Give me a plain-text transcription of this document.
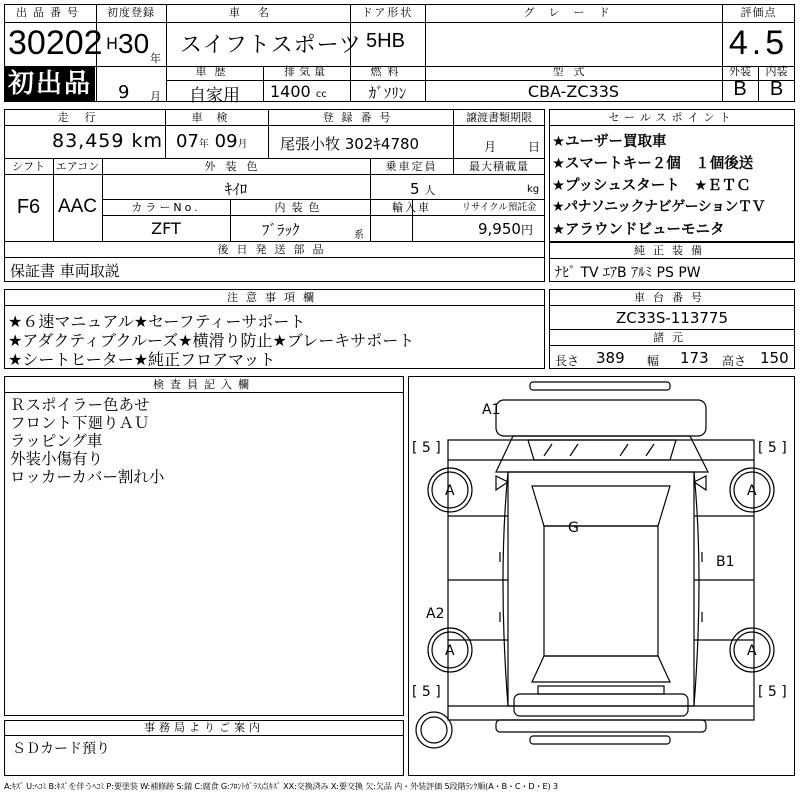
出品番号
30202
初出品
初度登録
H 30 年
9 月
車名
スイフトスポーツ
ドア形状
5HB
グレード	評価点
4.5
車歴
自家用
排気量
1400 cc
燃料
ｶﾞｿﾘﾝ
型式
CBA-ZC33S
外装	内装
B	B
走行
83,459 km
車検
07年 09月
登録番号
尾張小牧 302ｷ4780
譲渡書類期限
月	日
シフト
F6
エアコン
AAC
外装色
ｷｲﾛ
乗車定員
5 人
最大積載量
kg
カラーNo.
ZFT
内装色
ﾌﾞﾗｯｸ	系
輸入車	リサイクル預託金
9,950円
後日発送部品
保証書 車両取説
セールスポイント
★ユーザー買取車
★スマートキー２個　１個後送
★プッシュスタート　★ＥＴＣ
★パナソニックナビゲーションＴＶ
★アラウンドビューモニタ
純正装備
ﾅﾋﾞ TV ｴｱB ｱﾙﾐ PS PW
注意事項欄
★６速マニュアル★セーフティーサポート
★アダクティブクルーズ★横滑り防止★ブレーキサポート
★シートヒーター★純正フロアマット
車台番号
ZC33S-113775
諸元
長さ 389 幅 173 高さ 150
検査員記入欄
Ｒスポイラー色あせ
フロント下廻りＡＵ
ラッピング車
外装小傷有り
ロッカーカバー割れ小
事務局よりご案内
ＳＤカード預り
A1
G
B1
A2
A	A
A	A
[ 5 ]	[ 5 ]
[ 5 ]	[ 5 ]
A:ｷｽﾞ U:ﾍｺﾐ B:ｷｽﾞを伴うﾍｺﾐ P:要塗装 W:補修跡 S:錆 C:腐食 G:ﾌﾛﾝﾄｶﾞﾗｽ点ｷｽﾞ XX:交換済み X:要交換 欠:欠品 内・外装評価 5段階ﾗﾝｸ順(A・B・C・D・E) 3
